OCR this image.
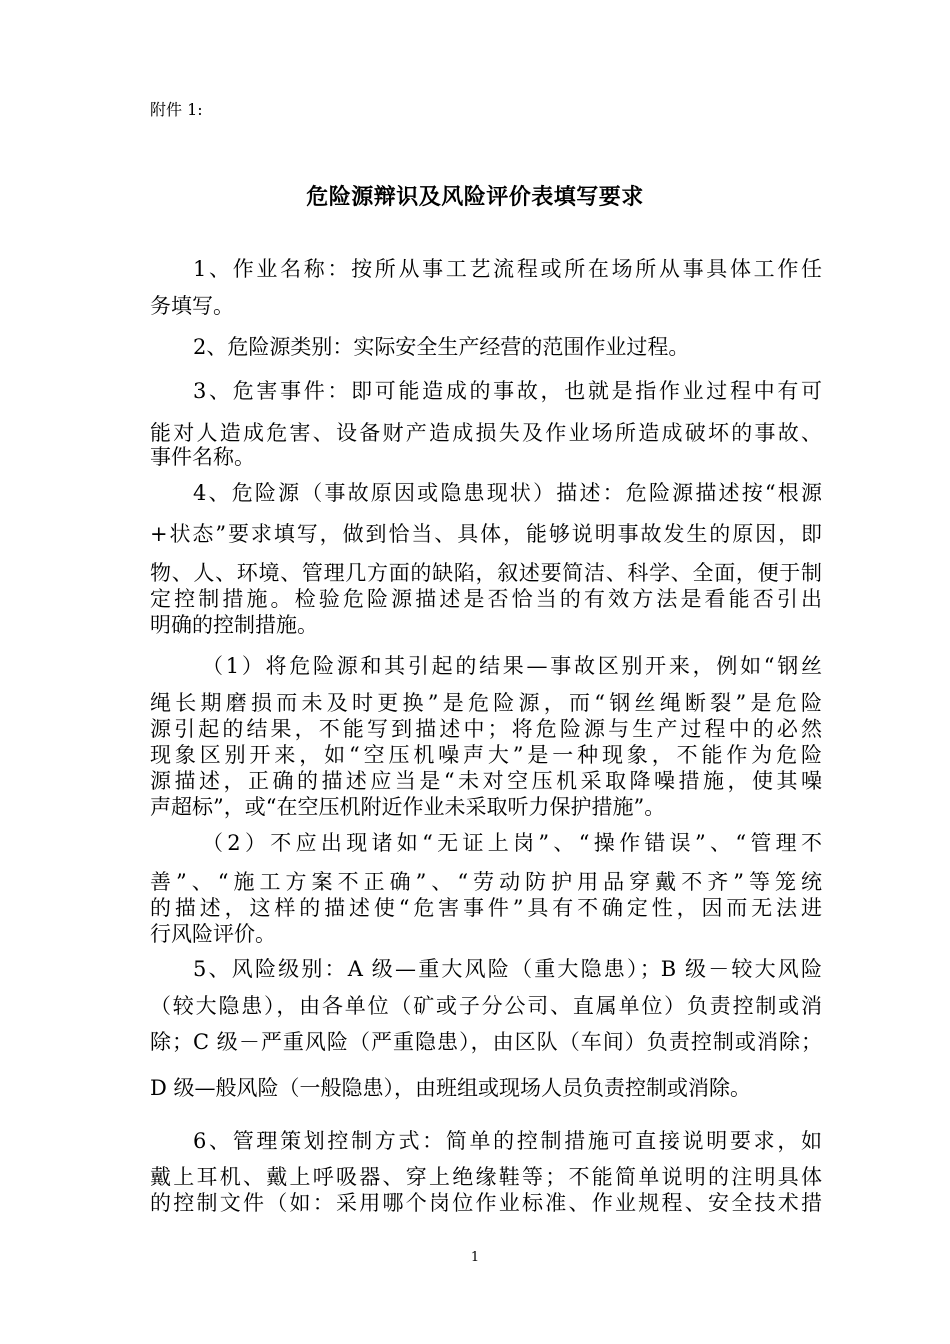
附件 1:
危险源辩识及风险评价表填写要求
1、作业名称：按所从事工艺流程或所在场所从事具体工作任
务填写。
2、危险源类别：实际安全生产经营的范围作业过程。
3、危害事件：即可能造成的事故，也就是指作业过程中有可
能对人造成危害、设备财产造成损失及作业场所造成破坏的事故、
事件名称。
4、危险源（事故原因或隐患现状）描述：危险源描述按“根源
+状态”要求填写，做到恰当、具体，能够说明事故发生的原因，即
物、人、环境、管理几方面的缺陷，叙述要简洁、科学、全面，便于制
定控制措施。检验危险源描述是否恰当的有效方法是看能否引出
明确的控制措施。
（1）将危险源和其引起的结果—事故区别开来，例如“钢丝
绳长期磨损而未及时更换”是危险源，而“钢丝绳断裂”是危险
源引起的结果，不能写到描述中；将危险源与生产过程中的必然
现象区别开来，如“空压机噪声大”是一种现象，不能作为危险
源描述，正确的描述应当是“未对空压机采取降噪措施，使其噪
声超标”，或“在空压机附近作业未采取听力保护措施”。
（2）不应出现诸如“无证上岗”、“操作错误”、“管理不
善”、“施工方案不正确”、“劳动防护用品穿戴不齐”等笼统
的描述，这样的描述使“危害事件”具有不确定性，因而无法进
行风险评价。
5、风险级别：A 级—重大风险（重大隐患）；B 级－较大风险
（较大隐患），由各单位（矿或子分公司、直属单位）负责控制或消
除；C 级－严重风险（严重隐患），由区队（车间）负责控制或消除；
D 级—般风险（一般隐患），由班组或现场人员负责控制或消除。
6、管理策划控制方式：简单的控制措施可直接说明要求，如
戴上耳机、戴上呼吸器、穿上绝缘鞋等；不能简单说明的注明具体
的控制文件（如：采用哪个岗位作业标准、作业规程、安全技术措
1
